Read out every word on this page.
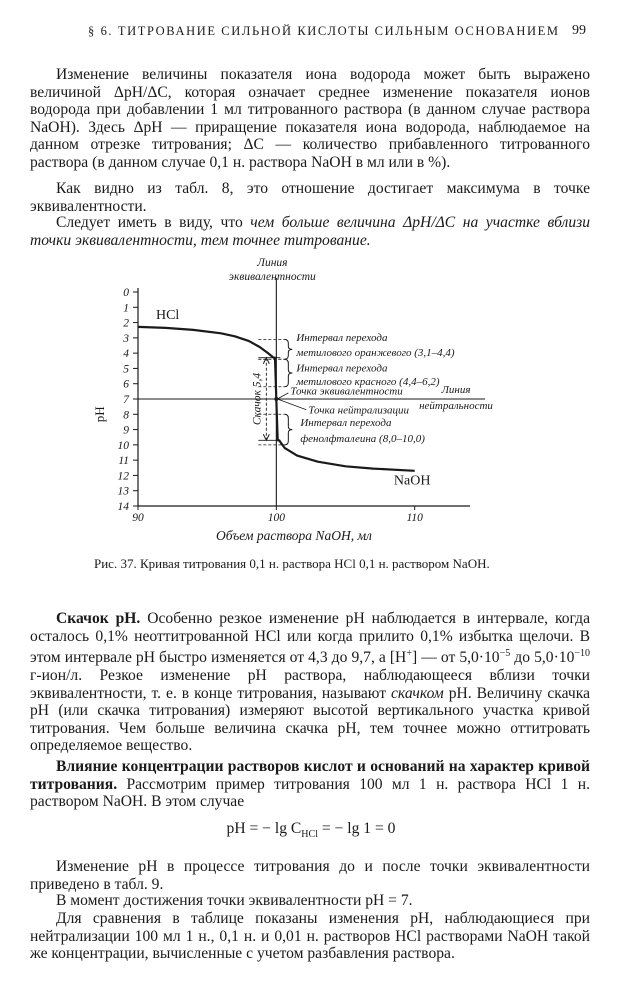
§ 6. ТИТРОВАНИЕ СИЛЬНОЙ КИСЛОТЫ СИЛЬНЫМ ОСНОВАНИЕМ 99

Изменение величины показателя иона водорода может быть выражено величиной ΔpH/ΔC, которая означает среднее изменение показателя ионов водорода при добавлении 1 мл титрованного раствора (в данном случае раствора NaOH). Здесь ΔpH — приращение показателя иона водорода, наблюдаемое на данном отрезке титрования; ΔC — количество прибавленного титрованного раствора (в данном случае 0,1 н. раствора NaOH в мл или в %).

Как видно из табл. 8, это отношение достигает максимума в точке эквивалентности.

Следует иметь в виду, что чем больше величина ΔpH/ΔC на участке вблизи точки эквивалентности, тем точнее титрование.

0
1
2
3
4
5
6
7
8
9
10
11
12
13
14
90	100	110
pH
Объем раствора NaOH, мл
Линия
эквивалентности
Линия
нейтральности
HCl
NaOH
Скачок 5,4
Интервал перехода
метилового оранжевого (3,1–4,4)
Интервал перехода
метилового красного (4,4–6,2)
Точка эквивалентности
Точка нейтрализации
Интервал перехода
фенолфталеина (8,0–10,0)
Рис. 37. Кривая титрования 0,1 н. раствора HCl 0,1 н. раствором NaOH.

Скачок pH. Особенно резкое изменение pH наблюдается в интервале, когда осталось 0,1% неоттитрованной HCl или когда прилито 0,1% избытка щелочи. В этом интервале pH быстро изменяется от 4,3 до 9,7, а [H+] — от $5,0\cdot 10^{-5}$ до $5,0\cdot 10^{-10}$ г-ион/л. Резкое изменение pH раствора, наблюдающееся вблизи точки эквивалентности, т. е. в конце титрования, называют скачком pH. Величину скачка pH (или скачка титрования) измеряют высотой вертикального участка кривой титрования. Чем больше величина скачка pH, тем точнее можно оттитровать определяемое вещество.

Влияние концентрации растворов кислот и оснований на характер кривой титрования. Рассмотрим пример титрования 100 мл 1 н. раствора HCl 1 н. раствором NaOH. В этом случае

pH = − $\lg C_{HCl}$ = − lg 1 = 0

Изменение pH в процессе титрования до и после точки эквивалентности приведено в табл. 9.

В момент достижения точки эквивалентности pH = 7.

Для сравнения в таблице показаны изменения pH, наблюдающиеся при нейтрализации 100 мл 1 н., 0,1 н. и 0,01 н. растворов HCl растворами NaOH такой же концентрации, вычисленные с учетом разбавления раствора.
